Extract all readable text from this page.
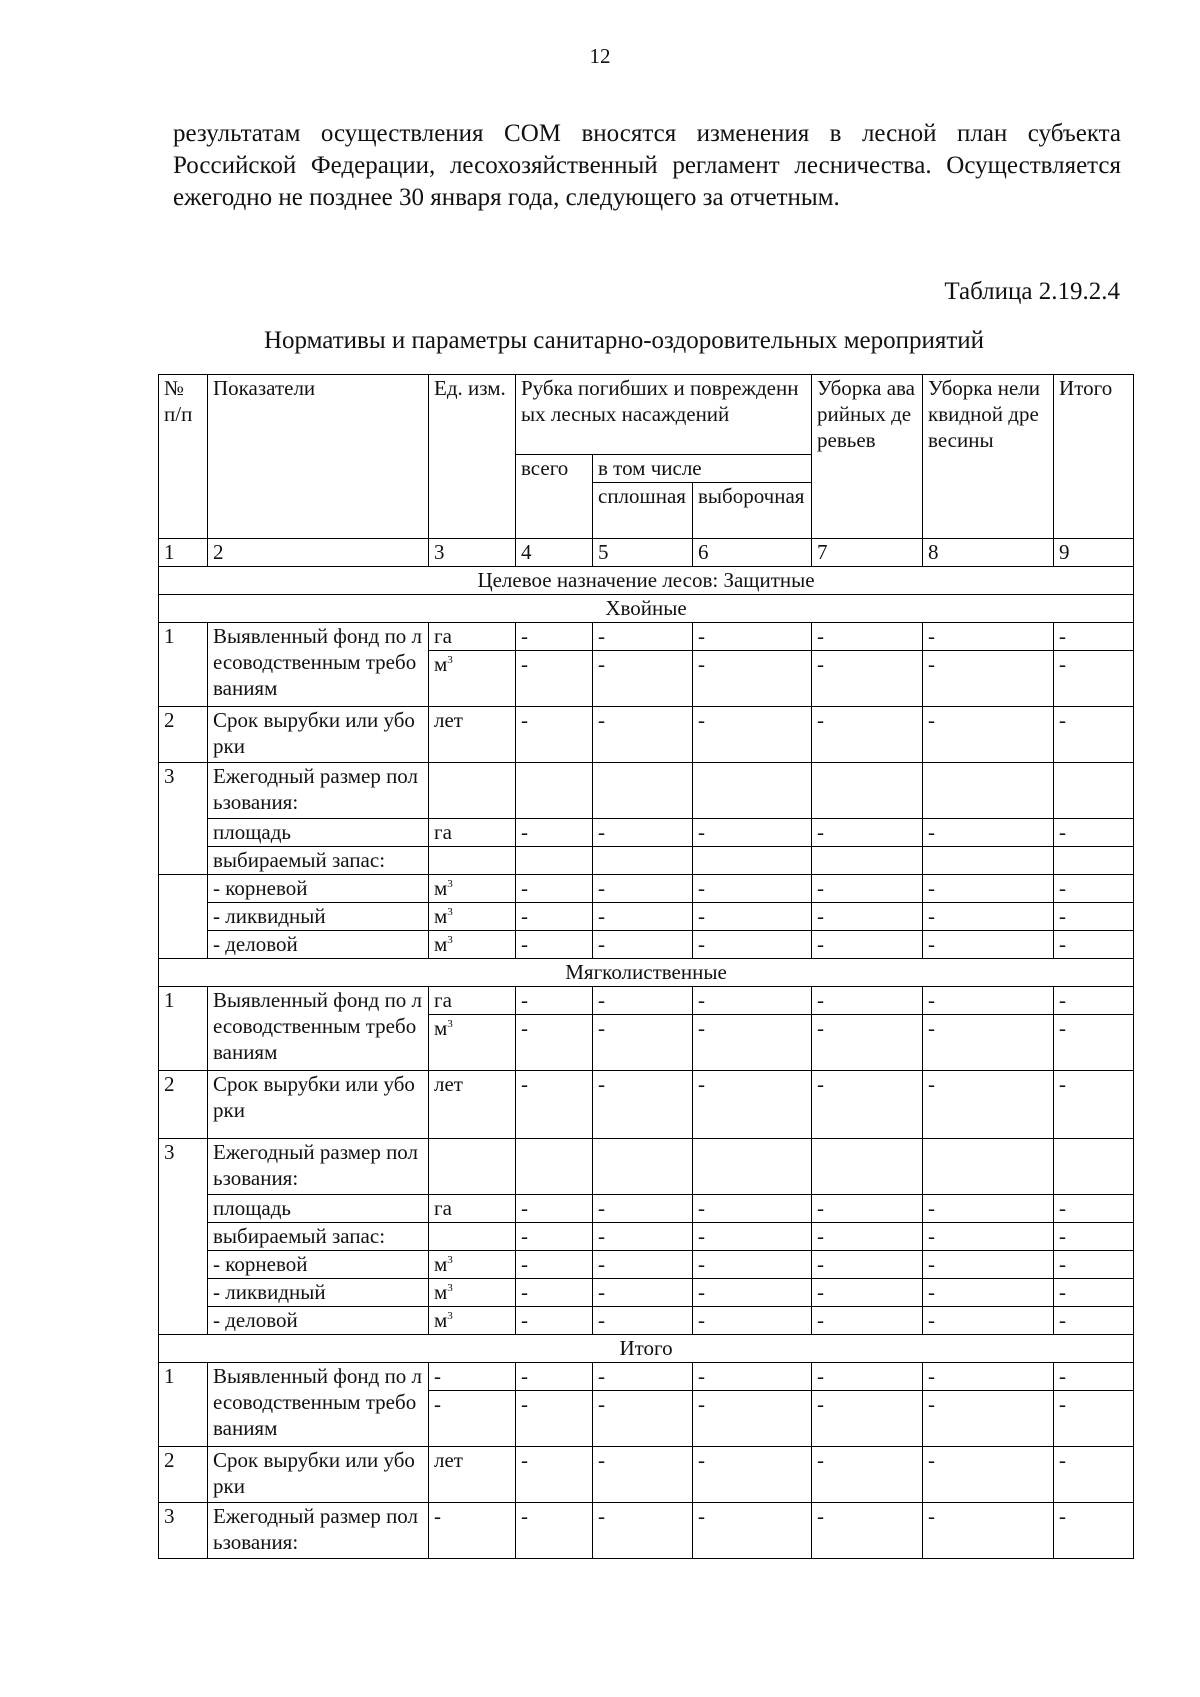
12

результатам осуществления СОМ вносятся изменения в лесной план субъекта Российской Федерации, лесохозяйственный регламент лесничества. Осуществляется ежегодно не позднее 30 января года, следующего за отчетным.

Таблица 2.19.2.4
Нормативы и параметры санитарно-оздоровительных мероприятий
№ п/п	Показатели	Ед. изм.	Рубка погибших и поврежденных лесных насаждений			Уборка аварийных деревьев	Уборка неликвидной древесины	Итого
			всего	в том числе				
				сплошная	выборочная			
1	2	3	4	5	6	7	8	9
Целевое назначение лесов: Защитные								
Хвойные								
1	Выявленный фонд по лесоводственным требованиям	га	-	-	-	-	-	-
		$м^3$	-	-	-	-	-	-
2	Срок вырубки или уборки	лет	-	-	-	-	-	-
3	Ежегодный размер пользования:							
	площадь	га	-	-	-	-	-	-
	выбираемый запас:							
	- корневой	$м^3$	-	-	-	-	-	-
	- ликвидный	$м^3$	-	-	-	-	-	-
	- деловой	$м^3$	-	-	-	-	-	-
Мягколиственные								
1	Выявленный фонд по лесоводственным требованиям	га	-	-	-	-	-	-
		$м^3$	-	-	-	-	-	-
2	Срок вырубки или уборки	лет	-	-	-	-	-	-
3	Ежегодный размер пользования:							
	площадь	га	-	-	-	-	-	-
	выбираемый запас:		-	-	-	-	-	-
	- корневой	$м^3$	-	-	-	-	-	-
	- ликвидный	$м^3$	-	-	-	-	-	-
	- деловой	$м^3$	-	-	-	-	-	-
Итого								
1	Выявленный фонд по лесоводственным требованиям	-	-	-	-	-	-	-
		-	-	-	-	-	-	-
2	Срок вырубки или уборки	лет	-	-	-	-	-	-
3	Ежегодный размер пользования:	-	-	-	-	-	-	-
